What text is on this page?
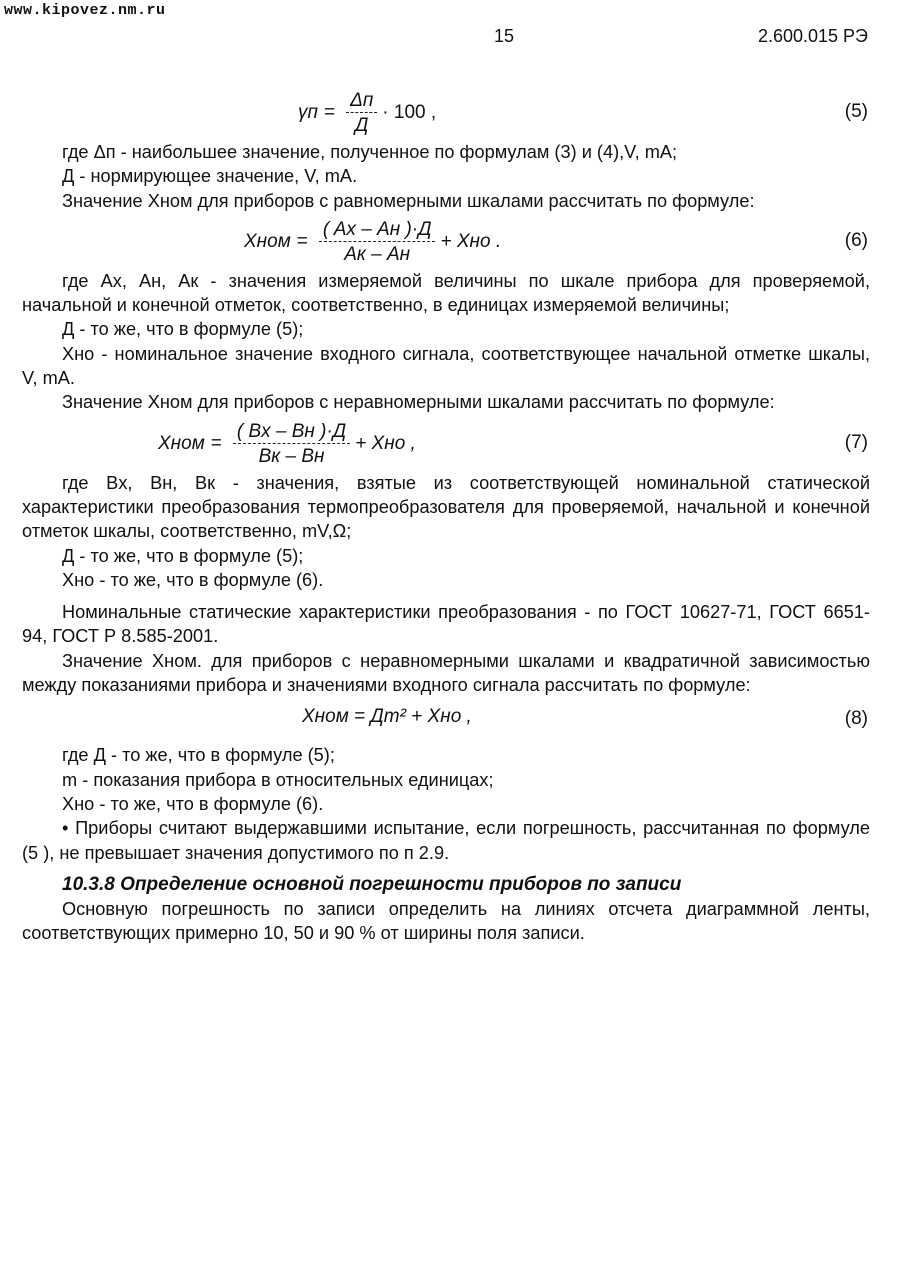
www.kipovez.nm.ru
15	2.600.015 РЭ
$\gamma п = \frac{\Delta п}{Д} \cdot 100$ ,	(5)

где Δп - наибольшее значение, полученное по формулам (3) и (4),V, mA;

Д - нормирующее значение, V, mA.

Значение Xном для приборов с равномерными шкалами рассчитать по формуле:

Xном = $\frac{( Aх - Aн )\cdot Д}{Aк - Aн}$ + Xно .	(6)

где Ах, Ан, Ак - значения измеряемой величины по шкале прибора для проверяемой, начальной и конечной отметок, соответственно, в единицах измеряемой величины;

Д - то же, что в формуле (5);

Xно - номинальное значение входного сигнала, соответствующее начальной отметке шкалы, V, mA.

Значение Xном для приборов с неравномерными шкалами рассчитать по формуле:

Xном = $\frac{( Bх - Bн )\cdot Д}{Bк - Bн}$ + Xно ,	(7)

где Bх, Bн, Bк - значения, взятые из соответствующей номинальной статической характеристики преобразования термопреобразователя для проверяемой, начальной и конечной отметок шкалы, соответственно, mV,Ω;

Д - то же, что в формуле (5);

Xно - то же, что в формуле (6).

Номинальные статические характеристики преобразования - по ГОСТ 10627-71, ГОСТ 6651-94, ГОСТ Р 8.585-2001.

Значение Xном. для приборов с неравномерными шкалами и квадратичной зависимостью между показаниями прибора и значениями входного сигнала рассчитать по формуле:

Xном = Дm² + Xно ,	(8)

где Д - то же, что в формуле (5);

m - показания прибора в относительных единицах;

Xно - то же, что в формуле (6).

• Приборы считают выдержавшими испытание, если погрешность, рассчитанная по формуле (5 ), не превышает значения допустимого по п 2.9.

10.3.8 Определение основной погрешности приборов по записи

Основную погрешность по записи определить на линиях отсчета диаграммной ленты, соответствующих примерно 10, 50 и 90 % от ширины поля записи.
